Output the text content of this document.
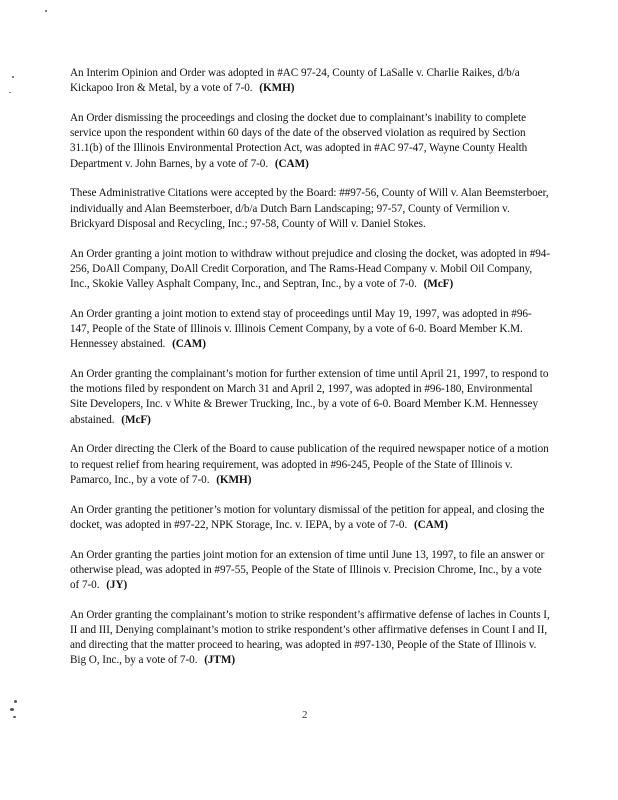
An Interim Opinion and Order was adopted in #AC 97-24, County of LaSalle v. Charlie Raikes, d/b/a Kickapoo Iron & Metal, by a vote of 7-0. (KMH)

An Order dismissing the proceedings and closing the docket due to complainant’s inability to complete service upon the respondent within 60 days of the date of the observed violation as required by Section 31.1(b) of the Illinois Environmental Protection Act, was adopted in #AC 97-47, Wayne County Health Department v. John Barnes, by a vote of 7-0. (CAM)

These Administrative Citations were accepted by the Board: ##97-56, County of Will v. Alan Beemsterboer, individually and Alan Beemsterboer, d/b/a Dutch Barn Landscaping; 97-57, County of Vermilion v. Brickyard Disposal and Recycling, Inc.; 97-58, County of Will v. Daniel Stokes.

An Order granting a joint motion to withdraw without prejudice and closing the docket, was adopted in #94-256, DoAll Company, DoAll Credit Corporation, and The Rams-Head Company v. Mobil Oil Company, Inc., Skokie Valley Asphalt Company, Inc., and Septran, Inc., by a vote of 7-0. (McF)

An Order granting a joint motion to extend stay of proceedings until May 19, 1997, was adopted in #96-147, People of the State of Illinois v. Illinois Cement Company, by a vote of 6-0. Board Member K.M. Hennessey abstained. (CAM)

An Order granting the complainant’s motion for further extension of time until April 21, 1997, to respond to the motions filed by respondent on March 31 and April 2, 1997, was adopted in #96-180, Environmental Site Developers, Inc. v White & Brewer Trucking, Inc., by a vote of 6-0. Board Member K.M. Hennessey abstained. (McF)

An Order directing the Clerk of the Board to cause publication of the required newspaper notice of a motion to request relief from hearing requirement, was adopted in #96-245, People of the State of Illinois v. Pamarco, Inc., by a vote of 7-0. (KMH)

An Order granting the petitioner’s motion for voluntary dismissal of the petition for appeal, and closing the docket, was adopted in #97-22, NPK Storage, Inc. v. IEPA, by a vote of 7-0. (CAM)

An Order granting the parties joint motion for an extension of time until June 13, 1997, to file an answer or otherwise plead, was adopted in #97-55, People of the State of Illinois v. Precision Chrome, Inc., by a vote of 7-0. (JY)

An Order granting the complainant’s motion to strike respondent’s affirmative defense of laches in Counts I, II and III, Denying complainant’s motion to strike respondent’s other affirmative defenses in Count I and II, and directing that the matter proceed to hearing, was adopted in #97-130, People of the State of Illinois v. Big O, Inc., by a vote of 7-0. (JTM)

2
